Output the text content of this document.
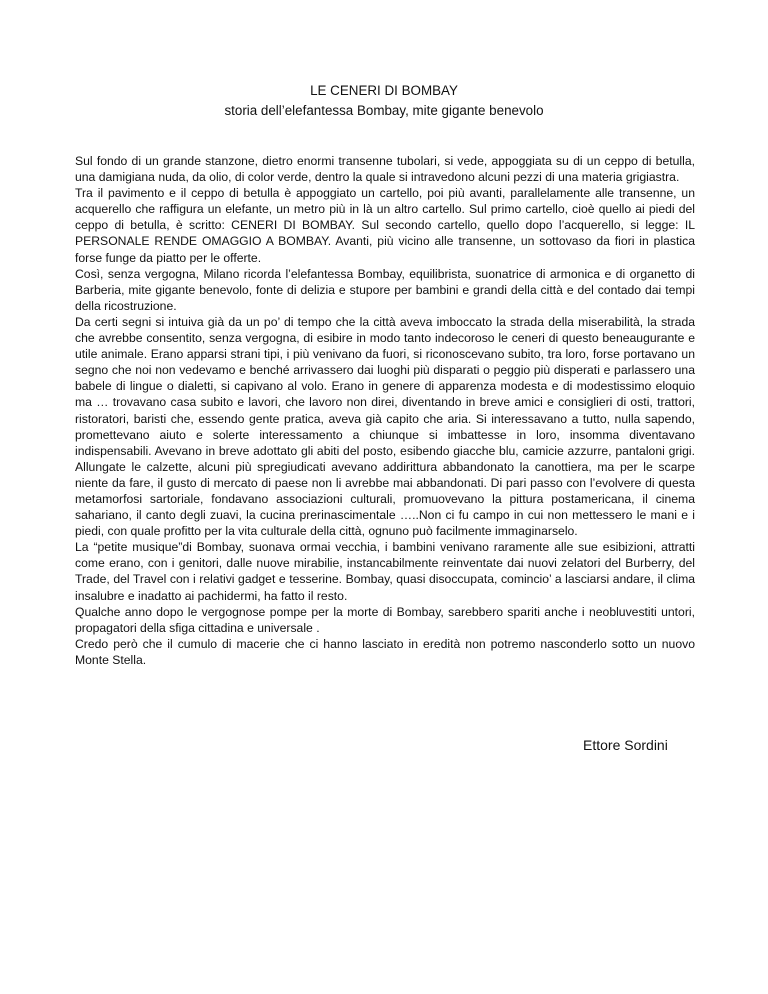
LE CENERI DI BOMBAY
storia dell’elefantessa Bombay, mite gigante benevolo

Sul fondo di un grande stanzone, dietro enormi transenne tubolari, si vede, appoggiata su di un ceppo di betulla, una damigiana nuda, da olio, di color verde, dentro la quale si intravedono alcuni pezzi di una materia grigiastra.

Tra il pavimento e il ceppo di betulla è appoggiato un cartello, poi più avanti, parallelamente alle transenne, un acquerello che raffigura un elefante, un metro più in là un altro cartello. Sul primo cartello, cioè quello ai piedi del ceppo di betulla, è scritto: CENERI DI BOMBAY. Sul secondo cartello, quello dopo l’acquerello, si legge: IL PERSONALE RENDE OMAGGIO A BOMBAY. Avanti, più vicino alle transenne, un sottovaso da fiori in plastica forse funge da piatto per le offerte.

Così, senza vergogna, Milano ricorda l’elefantessa Bombay, equilibrista, suonatrice di armonica e di organetto di Barberia, mite gigante benevolo, fonte di delizia e stupore per bambini e grandi della città e del contado dai tempi della ricostruzione.

Da certi segni si intuiva già da un po’ di tempo che la città aveva imboccato la strada della miserabilità, la strada che avrebbe consentito, senza vergogna, di esibire in modo tanto indecoroso le ceneri di questo beneaugurante e utile animale. Erano apparsi strani tipi, i più venivano da fuori, si riconoscevano subito, tra loro, forse portavano un segno che noi non vedevamo e benché arrivassero dai luoghi più disparati o peggio più disperati e parlassero una babele di lingue o dialetti, si capivano al volo. Erano in genere di apparenza modesta e di modestissimo eloquio ma … trovavano casa subito e lavori, che lavoro non direi, diventando in breve amici e consiglieri di osti, trattori, ristoratori, baristi che, essendo gente pratica, aveva già capito che aria. Si interessavano a tutto, nulla sapendo, promettevano aiuto e solerte interessamento a chiunque si imbattesse in loro, insomma diventavano indispensabili. Avevano in breve adottato gli abiti del posto, esibendo giacche blu, camicie azzurre, pantaloni grigi. Allungate le calzette, alcuni più spregiudicati avevano addirittura abbandonato la canottiera, ma per le scarpe niente da fare, il gusto di mercato di paese non li avrebbe mai abbandonati. Di pari passo con l’evolvere di questa metamorfosi sartoriale, fondavano associazioni culturali, promuovevano la pittura postamericana, il cinema sahariano, il canto degli zuavi, la cucina prerinascimentale …..Non ci fu campo in cui non mettessero le mani e i piedi, con quale profitto per la vita culturale della città, ognuno può facilmente immaginarselo.

La “petite musique”di Bombay, suonava ormai vecchia, i bambini venivano raramente alle sue esibizioni, attratti come erano, con i genitori, dalle nuove mirabilie, instancabilmente reinventate dai nuovi zelatori del Burberry, del Trade, del Travel con i relativi gadget e tesserine. Bombay, quasi disoccupata, comincio’ a lasciarsi andare, il clima insalubre e inadatto ai pachidermi, ha fatto il resto.

Qualche anno dopo le vergognose pompe per la morte di Bombay, sarebbero spariti anche i neobluvestiti untori, propagatori della sfiga cittadina e universale .

Credo però che il cumulo di macerie che ci hanno lasciato in eredità non potremo nasconderlo sotto un nuovo Monte Stella.

Ettore Sordini
